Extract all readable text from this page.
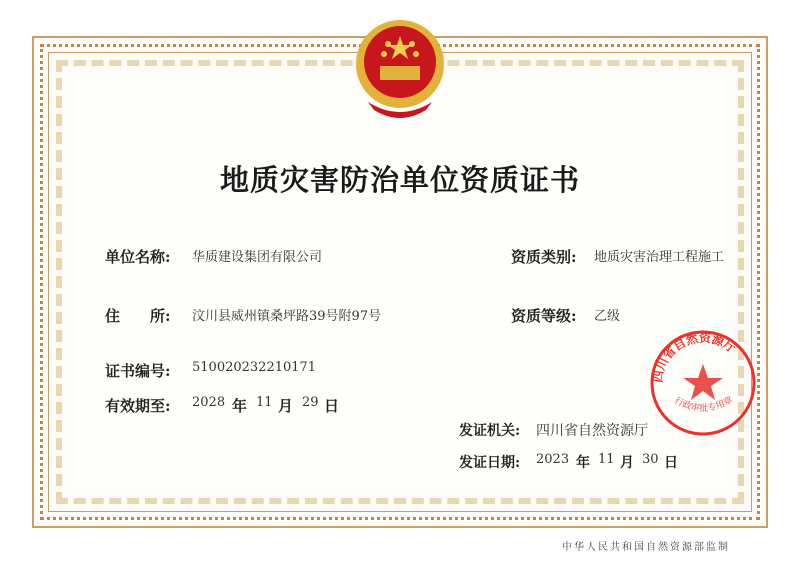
地质灾害防治单位资质证书
单位名称: 华质建设集团有限公司
住　　所: 汶川县威州镇桑坪路39号附97号
证书编号: 510020232210171
有效期至: 2028 年 11 月 29 日
资质类别: 地质灾害治理工程施工
资质等级: 乙级
四川省自然资源厅
行政审批专用章
发证机关: 四川省自然资源厅
发证日期: 2023 年 11 月 30 日
中华人民共和国自然资源部监制
